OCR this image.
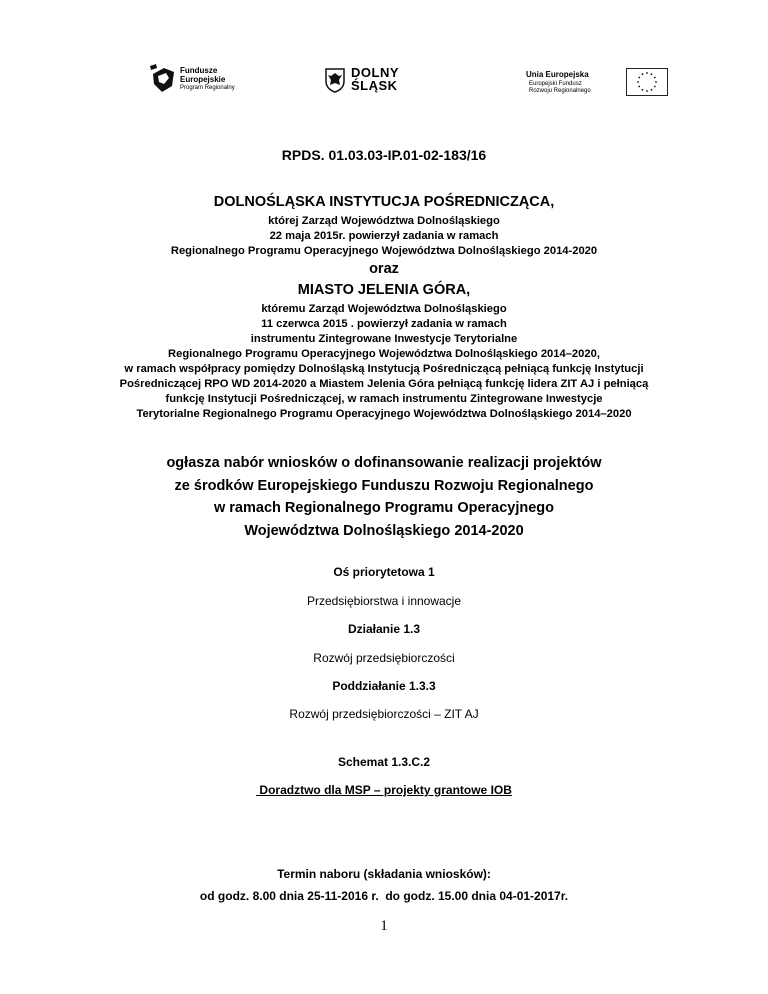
Fundusze
Europejskie
Program Regionalny
DOLNY
ŚLĄSK
Unia Europejska
Europejski Fundusz
Rozwoju Regionalnego
RPDS. 01.03.03-IP.01-02-183/16
DOLNOŚLĄSKA INSTYTUCJA POŚREDNICZĄCA,
której Zarząd Województwa Dolnośląskiego
22 maja 2015r. powierzył zadania w ramach
Regionalnego Programu Operacyjnego Województwa Dolnośląskiego 2014-2020
oraz
MIASTO JELENIA GÓRA,
któremu Zarząd Województwa Dolnośląskiego
11 czerwca 2015 . powierzył zadania w ramach
instrumentu Zintegrowane Inwestycje Terytorialne
Regionalnego Programu Operacyjnego Województwa Dolnośląskiego 2014–2020,
w ramach współpracy pomiędzy Dolnośląską Instytucją Pośredniczącą pełniącą funkcję Instytucji
Pośredniczącej RPO WD 2014-2020 a Miastem Jelenia Góra pełniącą funkcję lidera ZIT AJ i pełniącą
funkcję Instytucji Pośredniczącej, w ramach instrumentu Zintegrowane Inwestycje
Terytorialne Regionalnego Programu Operacyjnego Województwa Dolnośląskiego 2014–2020
ogłasza nabór wniosków o dofinansowanie realizacji projektów
ze środków Europejskiego Funduszu Rozwoju Regionalnego
w ramach Regionalnego Programu Operacyjnego
Województwa Dolnośląskiego 2014-2020
Oś priorytetowa 1
Przedsiębiorstwa i innowacje
Działanie 1.3
Rozwój przedsiębiorczości
Poddziałanie 1.3.3
Rozwój przedsiębiorczości – ZIT AJ
Schemat 1.3.C.2
Doradztwo dla MSP – projekty grantowe IOB
Termin naboru (składania wniosków):
od godz. 8.00 dnia 25-11-2016 r.  do godz. 15.00 dnia 04-01-2017r.
1
